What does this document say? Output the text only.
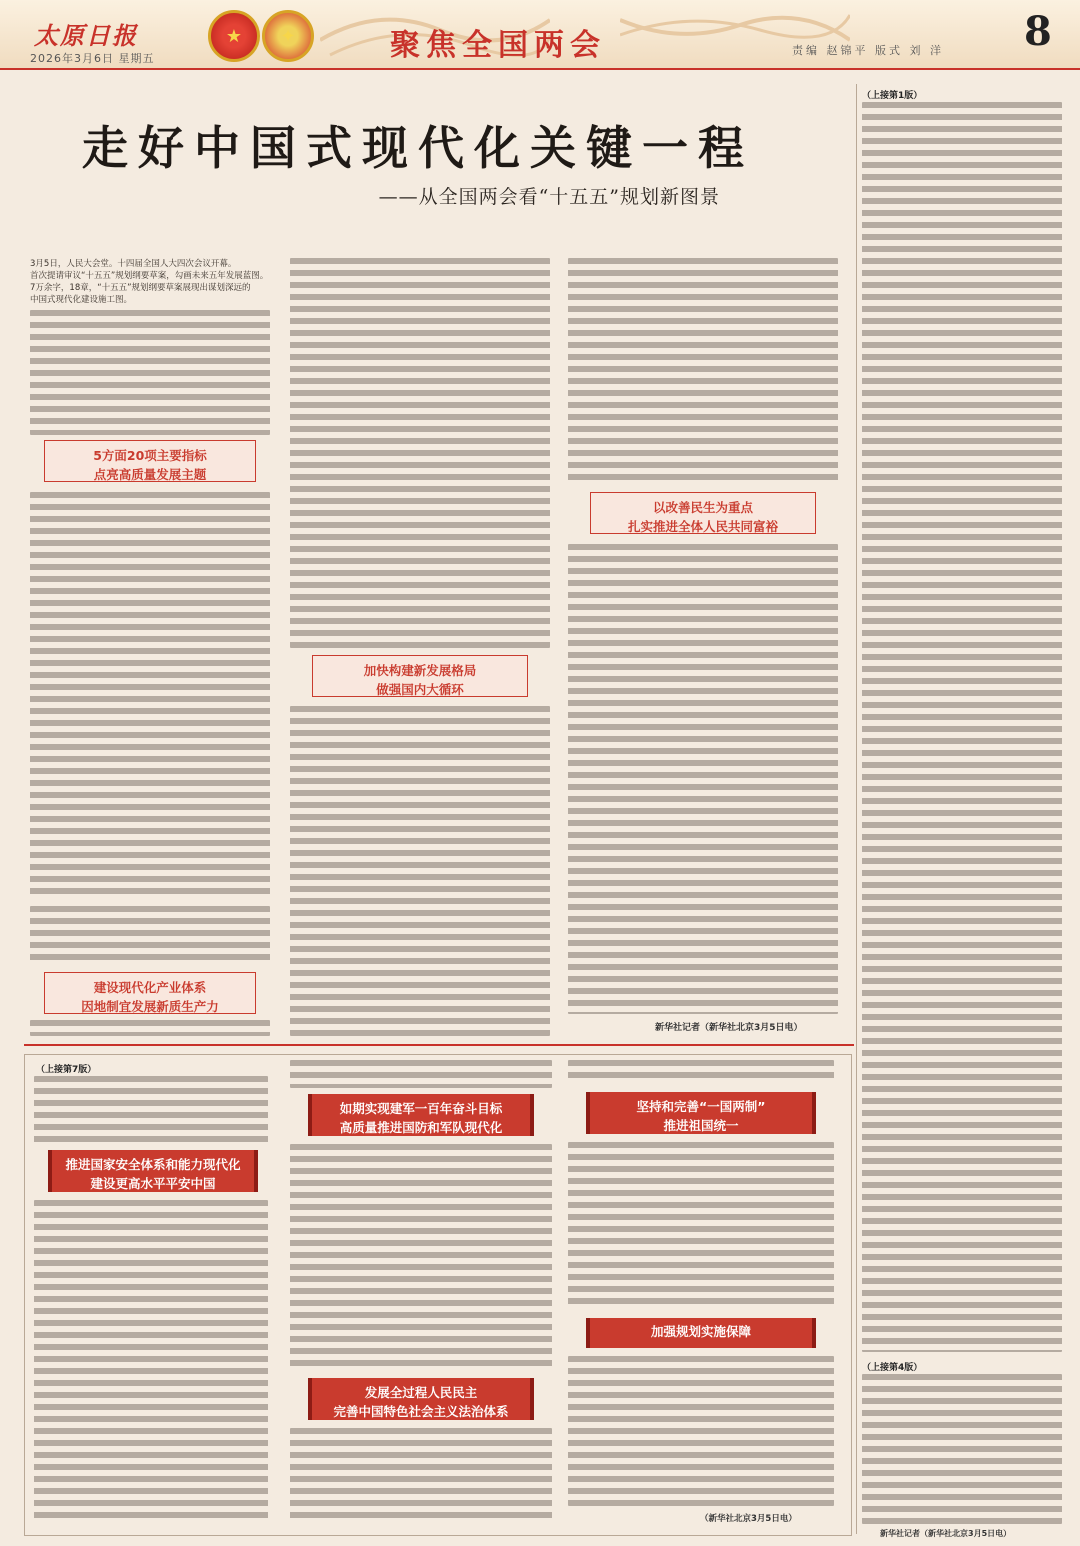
太原日报	★ ✦	聚焦全国两会	责编 赵锦平 版式 刘 洋 8
2026年3月6日 星期五
走好中国式现代化关键一程
——从全国两会看“十五五”规划新图景
3月5日，人民大会堂。十四届全国人大四次会议开幕。
首次提请审议“十五五”规划纲要草案，勾画未来五年发展蓝图。
7万余字，18章，“十五五”规划纲要草案展现出谋划深远的
中国式现代化建设施工图。
5方面20项主要指标
点亮高质量发展主题
建设现代化产业体系
因地制宜发展新质生产力
加快构建新发展格局
做强国内大循环
以改善民生为重点
扎实推进全体人民共同富裕
新华社记者（新华社北京3月5日电）
（上接第1版）
（上接第4版）
新华社记者（新华社北京3月5日电）
（上接第7版）
推进国家安全体系和能力现代化
建设更高水平平安中国
如期实现建军一百年奋斗目标
高质量推进国防和军队现代化
发展全过程人民民主
完善中国特色社会主义法治体系
坚持和完善“一国两制”
推进祖国统一
加强规划实施保障
（新华社北京3月5日电）
